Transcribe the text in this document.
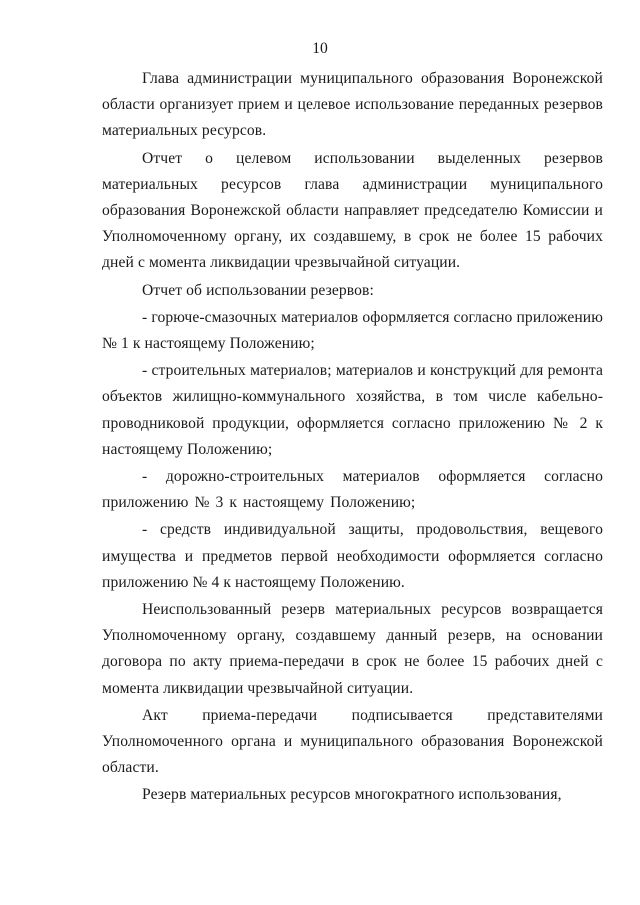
10

Глава администрации муниципального образования Воронежской области организует прием и целевое использование переданных резервов материальных ресурсов.

Отчет о целевом использовании выделенных резервов материальных ресурсов глава администрации муниципального образования Воронежской области направляет председателю Комиссии и Уполномоченному органу, их создавшему, в срок не более 15 рабочих дней с момента ликвидации чрезвычайной ситуации.

Отчет об использовании резервов:

- горюче-смазочных материалов оформляется согласно приложению № 1 к настоящему Положению;

- строительных материалов; материалов и конструкций для ремонта объектов жилищно-коммунального хозяйства, в том числе кабельно-проводниковой продукции, оформляется согласно приложению № 2 к настоящему Положению;

- дорожно-строительных материалов оформляется согласно приложению № 3 к настоящему Положению;

- средств индивидуальной защиты, продовольствия, вещевого имущества и предметов первой необходимости оформляется согласно приложению № 4 к настоящему Положению.

Неиспользованный резерв материальных ресурсов возвращается Уполномоченному органу, создавшему данный резерв, на основании договора по акту приема-передачи в срок не более 15 рабочих дней с момента ликвидации чрезвычайной ситуации.

Акт приема-передачи подписывается представителями Уполномоченного органа и муниципального образования Воронежской области.

Резерв материальных ресурсов многократного использования,
